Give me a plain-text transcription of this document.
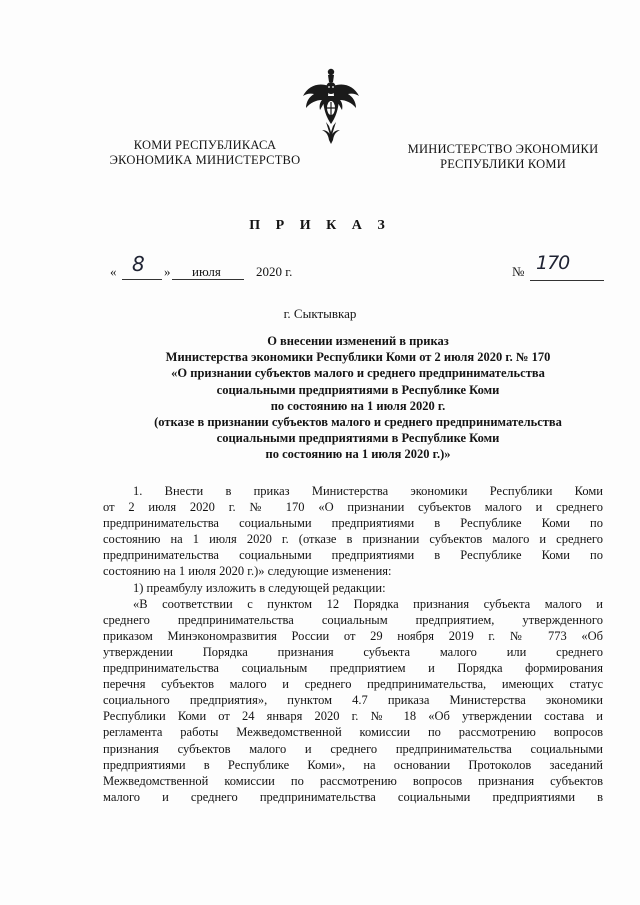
КОМИ РЕСПУБЛИКАСА
ЭКОНОМИКА МИНИСТЕРСТВО
МИНИСТЕРСТВО ЭКОНОМИКИ
РЕСПУБЛИКИ КОМИ
П Р И К А З
« 8 » июля	2020 г.	№ 170
г. Сыктывкар
О внесении изменений в приказ
Министерства экономики Республики Коми от 2 июля 2020 г. № 170
«О признании субъектов малого и среднего предпринимательства
социальными предприятиями в Республике Коми
по состоянию на 1 июля 2020 г.
(отказе в признании субъектов малого и среднего предпринимательства
социальными предприятиями в Республике Коми
по состоянию на 1 июля 2020 г.)»
1. Внести в приказ Министерства экономики Республики Коми
от 2 июля 2020 г. № 170 «О признании субъектов малого и среднего
предпринимательства социальными предприятиями в Республике Коми по
состоянию на 1 июля 2020 г. (отказе в признании субъектов малого и среднего
предпринимательства социальными предприятиями в Республике Коми по
состоянию на 1 июля 2020 г.)» следующие изменения:
1) преамбулу изложить в следующей редакции:
«В соответствии с пунктом 12 Порядка признания субъекта малого и
среднего предпринимательства социальным предприятием, утвержденного
приказом Минэкономразвития России от 29 ноября 2019 г. № 773 «Об
утверждении Порядка признания субъекта малого или среднего
предпринимательства социальным предприятием и Порядка формирования
перечня субъектов малого и среднего предпринимательства, имеющих статус
социального предприятия», пунктом 4.7 приказа Министерства экономики
Республики Коми от 24 января 2020 г. № 18 «Об утверждении состава и
регламента работы Межведомственной комиссии по рассмотрению вопросов
признания субъектов малого и среднего предпринимательства социальными
предприятиями в Республике Коми», на основании Протоколов заседаний
Межведомственной комиссии по рассмотрению вопросов признания субъектов
малого и среднего предпринимательства социальными предприятиями в
